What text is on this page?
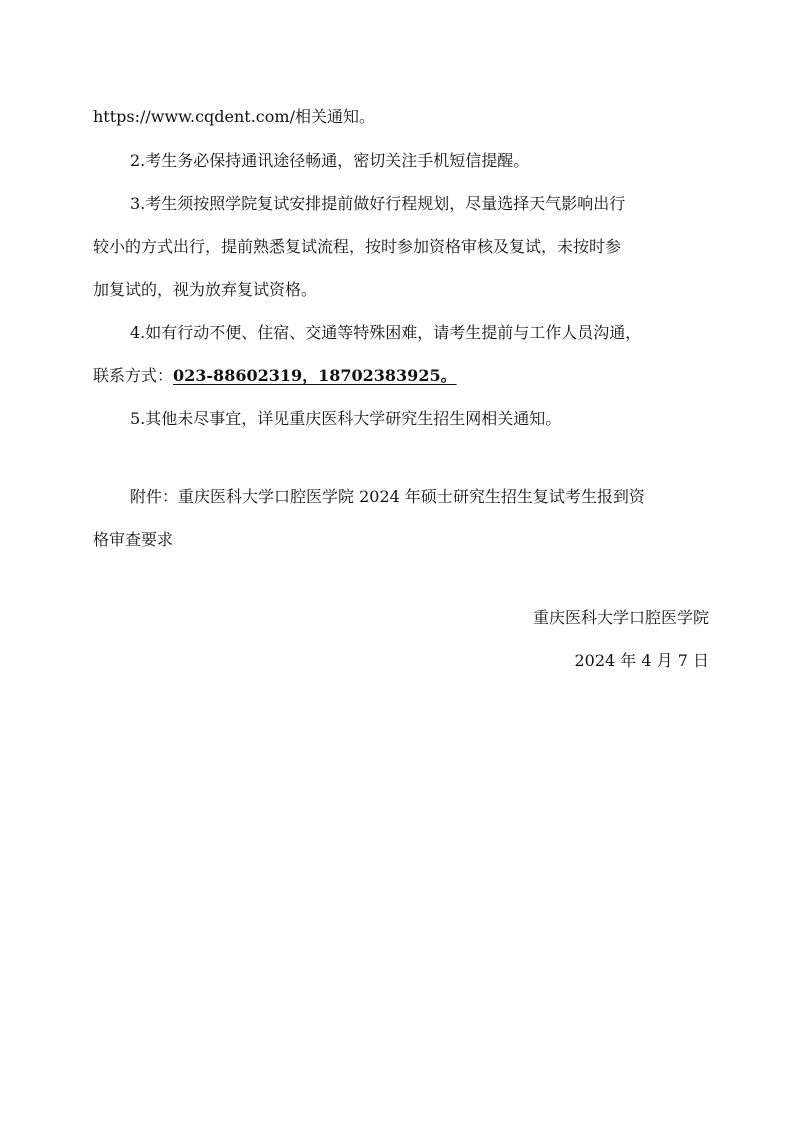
https://www.cqdent.com/相关通知。
2.考生务必保持通讯途径畅通，密切关注手机短信提醒。
3.考生须按照学院复试安排提前做好行程规划，尽量选择天气影响出行
较小的方式出行，提前熟悉复试流程，按时参加资格审核及复试，未按时参
加复试的，视为放弃复试资格。
4.如有行动不便、住宿、交通等特殊困难，请考生提前与工作人员沟通，
联系方式：023-88602319，18702383925。
5.其他未尽事宜，详见重庆医科大学研究生招生网相关通知。
附件：重庆医科大学口腔医学院 2024 年硕士研究生招生复试考生报到资
格审查要求
重庆医科大学口腔医学院
2024 年 4 月 7 日
